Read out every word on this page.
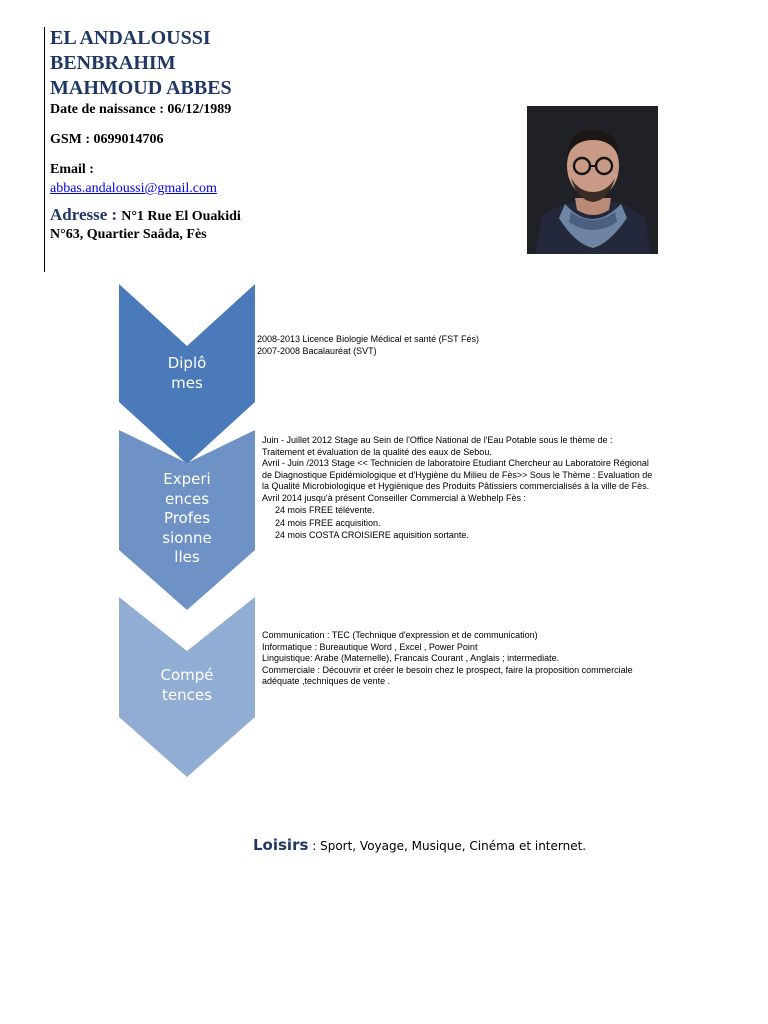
EL ANDALOUSSI

BENBRAHIM

MAHMOUD ABBES

Date de naissance : 06/12/1989
GSM : 0699014706
Email :
abbas.andaloussi@gmail.com
Adresse : N°1 Rue El Ouakidi
N°63, Quartier Saâda, Fès
Diplô
mes
Experi
ences
Profes
sionne
lles
Compé
tences
2008-2013 Licence Biologie Médical et santé (FST Fés)
2007-2008 Bacalauréat (SVT)
Juin - Juillet 2012 Stage au Sein de l'Office National de l'Eau Potable sous le thème de :
Traitement et évaluation de la qualité des eaux de Sebou.
Avril - Juin /2013 Stage << Technicien de laboratoire Etudiant Chercheur au Laboratoire Régional
de Diagnostique Epidémiologique et d'Hygiène du Milieu de Fès>> Sous le Thème : Evaluation de
la Qualité Microbiologique et Hygiènique des Produits Pâtissiers commercialisés à la ville de Fès.
Avril 2014 jusqu'à présent Conseiller Commercial à Webhelp Fès :
24 mois FREE télévente.
24 mois FREE acquisition.
24 mois COSTA CROISIERE aquisition sortante.
Communication : TEC (Technique d'expression et de communication)
Informatique : Bureautique Word , Excel , Power Point
Linguistique: Arabe (Maternelle), Francais Courant , Anglais ; intermediate.
Commerciale : Découvrir et créer le besoin chez le prospect, faire la proposition commerciale
adéquate ,techniques de vente .
Loisirs : Sport, Voyage, Musique, Cinéma et internet.
